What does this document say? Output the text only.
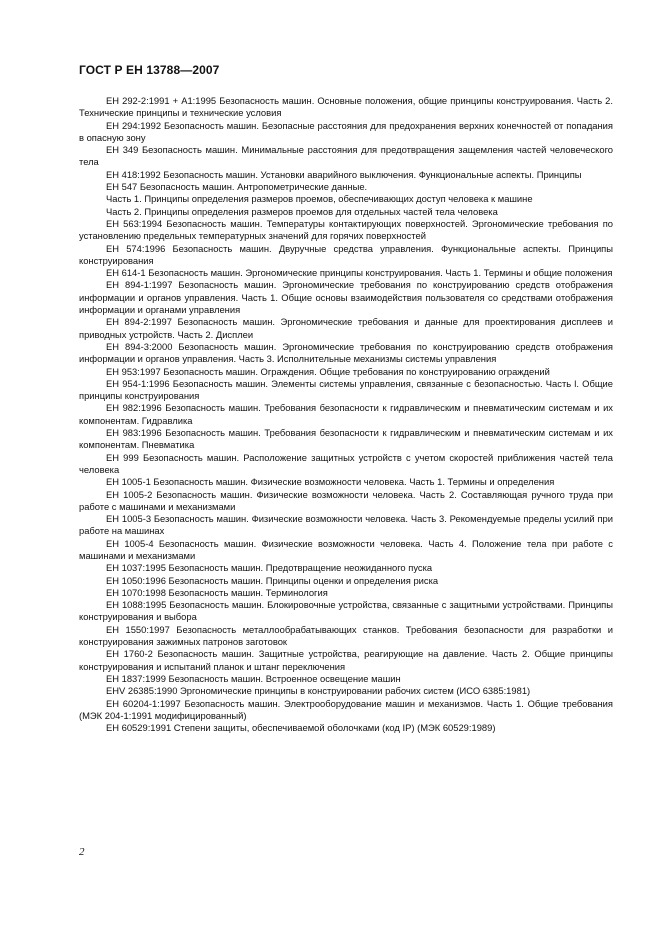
ГОСТ Р ЕН 13788—2007

ЕН 292-2:1991 + А1:1995 Безопасность машин. Основные положения, общие принципы конструирования. Часть 2. Технические принципы и технические условия

ЕН 294:1992 Безопасность машин. Безопасные расстояния для предохранения верхних конечностей от попадания в опасную зону

ЕН 349 Безопасность машин. Минимальные расстояния для предотвращения защемления частей человеческого тела

ЕН 418:1992 Безопасность машин. Установки аварийного выключения. Функциональные аспекты. Принципы

ЕН 547 Безопасность машин. Антропометрические данные.

Часть 1. Принципы определения размеров проемов, обеспечивающих доступ человека к машине

Часть 2. Принципы определения размеров проемов для отдельных частей тела человека

ЕН 563:1994 Безопасность машин. Температуры контактирующих поверхностей. Эргономические требования по установлению предельных температурных значений для горячих поверхностей

ЕН 574:1996 Безопасность машин. Двуручные средства управления. Функциональные аспекты. Принципы конструирования

ЕН 614-1 Безопасность машин. Эргономические принципы конструирования. Часть 1. Термины и общие положения

ЕН 894-1:1997 Безопасность машин. Эргономические требования по конструированию средств отображения информации и органов управления. Часть 1. Общие основы взаимодействия пользователя со средствами отображения информации и органами управления

ЕН 894-2:1997 Безопасность машин. Эргономические требования и данные для проектирования дисплеев и приводных устройств. Часть 2. Дисплеи

ЕН 894-3:2000 Безопасность машин. Эргономические требования по конструированию средств отображения информации и органов управления. Часть 3. Исполнительные механизмы системы управления

ЕН 953:1997 Безопасность машин. Ограждения. Общие требования по конструированию ограждений

ЕН 954-1:1996 Безопасность машин. Элементы системы управления, связанные с безопасностью. Часть l. Общие принципы конструирования

ЕН 982:1996 Безопасность машин. Требования безопасности к гидравлическим и пневматическим системам и их компонентам. Гидравлика

ЕН 983:1996 Безопасность машин. Требования безопасности к гидравлическим и пневматическим системам и их компонентам. Пневматика

ЕН 999 Безопасность машин. Расположение защитных устройств с учетом скоростей приближения частей тела человека

ЕН 1005-1 Безопасность машин. Физические возможности человека. Часть 1. Термины и определения

ЕН 1005-2 Безопасность машин. Физические возможности человека. Часть 2. Составляющая ручного труда при работе с машинами и механизмами

ЕН 1005-3 Безопасность машин. Физические возможности человека. Часть 3. Рекомендуемые пределы усилий при работе на машинах

ЕН 1005-4 Безопасность машин. Физические возможности человека. Часть 4. Положение тела при работе с машинами и механизмами

ЕН 1037:1995 Безопасность машин. Предотвращение неожиданного пуска

ЕН 1050:1996 Безопасность машин. Принципы оценки и определения риска

ЕН 1070:1998 Безопасность машин. Терминология

ЕН 1088:1995 Безопасность машин. Блокировочные устройства, связанные с защитными устройствами. Принципы конструирования и выбора

ЕН 1550:1997 Безопасность металлообрабатывающих станков. Требования безопасности для разработки и конструирования зажимных патронов заготовок

ЕН 1760-2 Безопасность машин. Защитные устройства, реагирующие на давление. Часть 2. Общие принципы конструирования и испытаний планок и штанг переключения

ЕН 1837:1999 Безопасность машин. Встроенное освещение машин

ЕНV 26385:1990 Эргономические принципы в конструировании рабочих систем (ИСО 6385:1981)

ЕН 60204-1:1997 Безопасность машин. Электрооборудование машин и механизмов. Часть 1. Общие требования (МЭК 204-1:1991 модифицированный)

ЕН 60529:1991 Степени защиты, обеспечиваемой оболочками (код IP) (МЭК 60529:1989)

2
